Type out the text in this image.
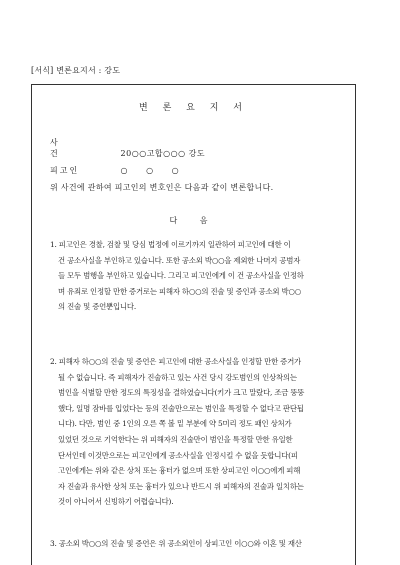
[서식] 변론요지서 : 강도
변 론 요 지 서
사 건	20○○고합○○○ 강도
피고인	○ ○ ○
위 사건에 관하여 피고인의 변호인은 다음과 같이 변론합니다.
다 음
1. 피고인은 경찰, 검찰 및 당심 법정에 이르기까지 일관하여 피고인에 대한 이
건 공소사실을 부인하고 있습니다. 또한 공소외 박○○을 제외한 나머지 공범자
들 모두 범행을 부인하고 있습니다. 그리고 피고인에게 이 건 공소사실을 인정하
며 유죄로 인정할 만한 증거로는 피해자 하○○의 진술 및 증인과 공소외 박○○
의 진술 및 증언뿐입니다.
2. 피해자 하○○의 진술 및 증언은 피고인에 대한 공소사실을 인정할 만한 증거가
될 수 없습니다. 즉 피해자가 진술하고 있는 사건 당시 강도범인의 인상착의는
범인을 식별할 만한 정도의 특징성을 결하였습니다(키가 크고 말랐다, 조금 뚱뚱
했다, 일명 잠바를 입었다는 등의 진술만으로는 범인을 특정할 수 없다고 판단됩
니다). 다만, 범인 중 1인의 오른 쪽 볼 밑 부분에 약 5미리 정도 패인 상처가
있었던 것으로 기억한다는 위 피해자의 진술만이 범인을 특정할 만한 유일한
단서인데 이것만으로는 피고인에게 공소사실을 인정시킬 수 없을 듯합니다(피
고인에게는 위와 같은 상처 또는 흉터가 없으며 또한 상피고인 이○○에게 피해
자 진술과 유사한 상처 또는 흉터가 있으나 반드시 위 피해자의 진술과 일치하는
것이 아니어서 신빙하기 어렵습니다).
3. 공소외 박○○의 진술 및 증언은 위 공소외인이 상피고인 이○○와 이혼 및 재산
